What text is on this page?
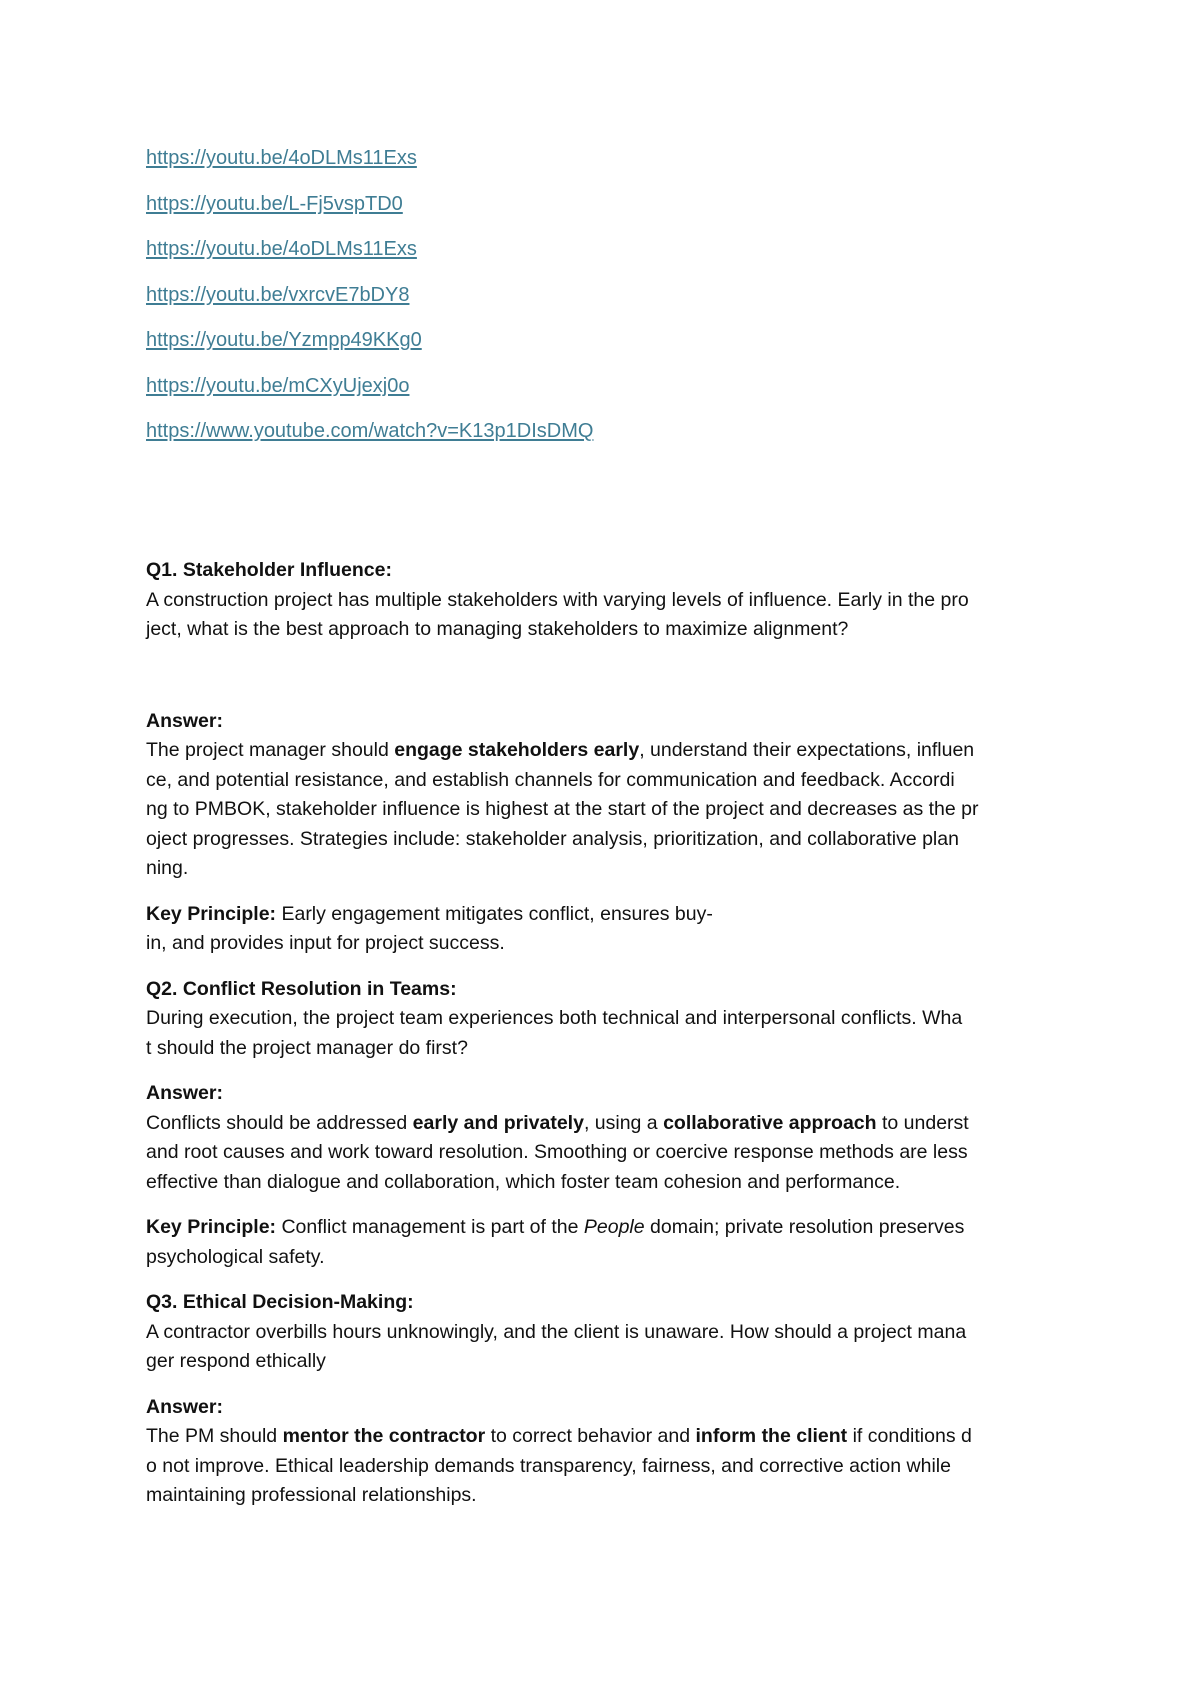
https://youtu.be/4oDLMs11Exs
https://youtu.be/L-Fj5vspTD0
https://youtu.be/4oDLMs11Exs
https://youtu.be/vxrcvE7bDY8
https://youtu.be/Yzmpp49KKg0
https://youtu.be/mCXyUjexj0o
https://www.youtube.com/watch?v=K13p1DIsDMQ

Q1. Stakeholder Influence:
A construction project has multiple stakeholders with varying levels of influence. Early in the pro
ject, what is the best approach to managing stakeholders to maximize alignment?

Answer:
The project manager should engage stakeholders early, understand their expectations, influen
ce, and potential resistance, and establish channels for communication and feedback. Accordi
ng to PMBOK, stakeholder influence is highest at the start of the project and decreases as the pr
oject progresses. Strategies include: stakeholder analysis, prioritization, and collaborative plan
ning.

Key Principle: Early engagement mitigates conflict, ensures buy-
in, and provides input for project success.

Q2. Conflict Resolution in Teams:
During execution, the project team experiences both technical and interpersonal conflicts. Wha
t should the project manager do first?

Answer:
Conflicts should be addressed early and privately, using a collaborative approach to underst
and root causes and work toward resolution. Smoothing or coercive response methods are less
effective than dialogue and collaboration, which foster team cohesion and performance.

Key Principle: Conflict management is part of the People domain; private resolution preserves
psychological safety.

Q3. Ethical Decision-Making:
A contractor overbills hours unknowingly, and the client is unaware. How should a project mana
ger respond ethically

Answer:
The PM should mentor the contractor to correct behavior and inform the client if conditions d
o not improve. Ethical leadership demands transparency, fairness, and corrective action while
maintaining professional relationships.
